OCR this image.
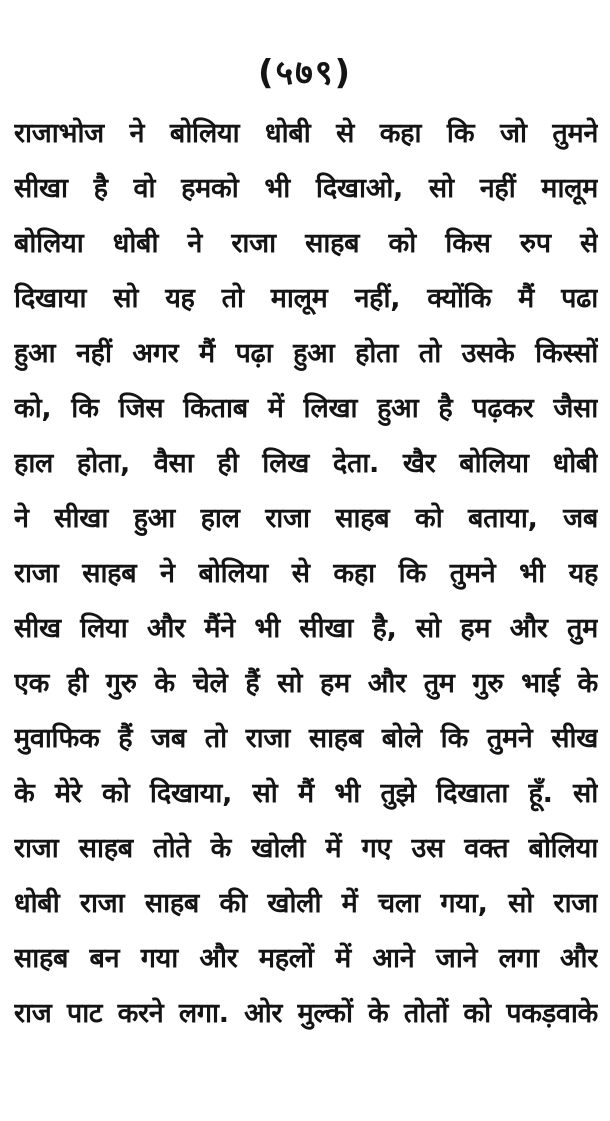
(५७९)
राजाभोज ने बोलिया धोबी से कहा कि जो तुमने
सीखा है वो हमको भी दिखाओ, सो नहीं मालूम
बोलिया धोबी ने राजा साहब को किस रुप से
दिखाया सो यह तो मालूम नहीं, क्योंकि मैं पढा
हुआ नहीं अगर मैं पढ़ा हुआ होता तो उसके किस्सों
को, कि जिस किताब में लिखा हुआ है पढ़कर जैसा
हाल होता, वैसा ही लिख देता. खैर बोलिया धोबी
ने सीखा हुआ हाल राजा साहब को बताया, जब
राजा साहब ने बोलिया से कहा कि तुमने भी यह
सीख लिया और मैंने भी सीखा है, सो हम और तुम
एक ही गुरु के चेले हैं सो हम और तुम गुरु भाई के
मुवाफिक हैं जब तो राजा साहब बोले कि तुमने सीख
के मेरे को दिखाया, सो मैं भी तुझे दिखाता हूँ. सो
राजा साहब तोते के खोली में गए उस वक्त बोलिया
धोबी राजा साहब की खोली में चला गया, सो राजा
साहब बन गया और महलों में आने जाने लगा और
राज पाट करने लगा. ओर मुल्कों के तोतों को पकड़वाके
